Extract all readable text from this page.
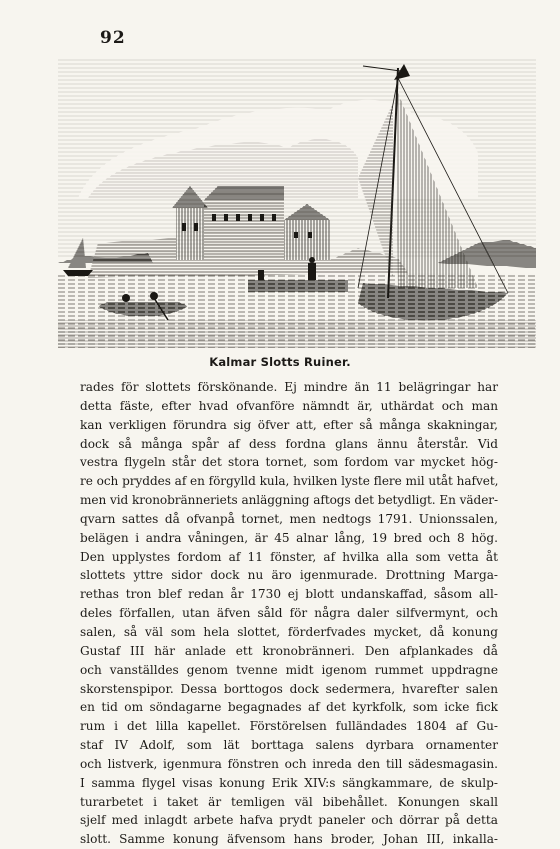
92
Kalmar Slotts Ruiner.
rades för slottets förskönande. Ej mindre än 11 belägringar har
detta fäste, efter hvad ofvanföre nämndt är, uthärdat och man
kan verkligen förundra sig öfver att, efter så många skakningar,
dock så många spår af dess fordna glans ännu återstår. Vid
vestra flygeln står det stora tornet, som fordom var mycket hög-
re och pryddes af en förgylld kula, hvilken lyste flere mil utåt hafvet,
men vid kronobränneriets anläggning aftogs det betydligt. En väder-
qvarn sattes då ofvanpå tornet, men nedtogs 1791. Unionssalen,
belägen i andra våningen, är 45 alnar lång, 19 bred och 8 hög.
Den upplystes fordom af 11 fönster, af hvilka alla som vetta åt
slottets yttre sidor dock nu äro igenmurade. Drottning Marga-
rethas tron blef redan år 1730 ej blott undanskaffad, såsom all-
deles förfallen, utan äfven såld för några daler silfvermynt, och
salen, så väl som hela slottet, förderfvades mycket, då konung
Gustaf III här anlade ett kronobränneri. Den afplankades då
och vanställdes genom tvenne midt igenom rummet uppdragne
skorstenspipor. Dessa borttogos dock sedermera, hvarefter salen
en tid om söndagarne begagnades af det kyrkfolk, som icke fick
rum i det lilla kapellet. Förstörelsen fulländades 1804 af Gu-
staf IV Adolf, som lät borttaga salens dyrbara ornamenter
och listverk, igenmura fönstren och inreda den till sädesmagasin.
I samma flygel visas konung Erik XIV:s sängkammare, de skulp-
turarbetet i taket är temligen väl bibehållet. Konungen skall
sjelf med inlagdt arbete hafva prydt paneler och dörrar på detta
slott. Samme konung äfvensom hans broder, Johan III, inkalla-
